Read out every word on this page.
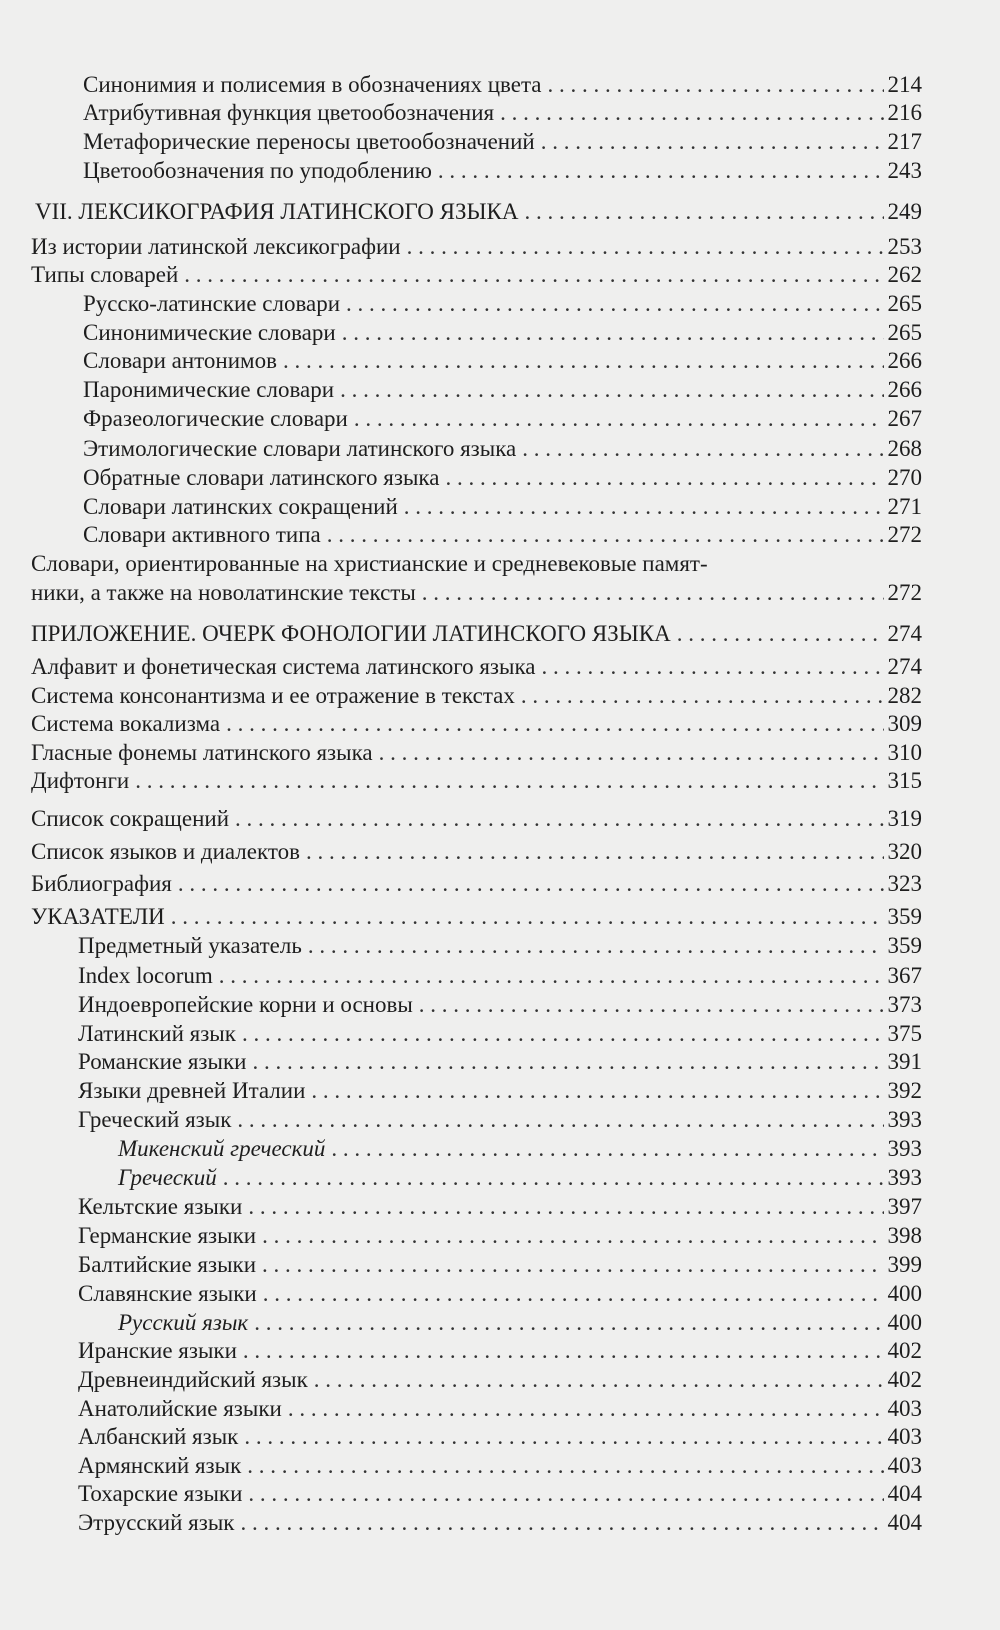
Синонимия и полисемия в обозначениях цвета . . .	214
Атрибутивная функция цветообозначения . . .	216
Метафорические переносы цветообозначений . . .	217
Цветообозначения по уподоблению . . .	243
VII. ЛЕКСИКОГРАФИЯ ЛАТИНСКОГО ЯЗЫКА . . .	249
Из истории латинской лексикографии . . .	253
Типы словарей . . .	262
Русско-латинские словари . . .	265
Синонимические словари . . .	265
Словари антонимов . . .	266
Паронимические словари . . .	266
Фразеологические словари . . .	267
Этимологические словари латинского языка . . .	268
Обратные словари латинского языка . . .	270
Словари латинских сокращений . . .	271
Словари активного типа . . .	272
Словари, ориентированные на христианские и средневековые памят-
ники, а также на новолатинские тексты . . .	272
ПРИЛОЖЕНИЕ. ОЧЕРК ФОНОЛОГИИ ЛАТИНСКОГО ЯЗЫКА . . .	274
Алфавит и фонетическая система латинского языка . . .	274
Система консонантизма и ее отражение в текстах . . .	282
Система вокализма . . .	309
Гласные фонемы латинского языка . . .	310
Дифтонги . . .	315
Список сокращений . . .	319
Список языков и диалектов . . .	320
Библиография . . .	323
УКАЗАТЕЛИ . . .	359
Предметный указатель . . .	359
Index locorum . . .	367
Индоевропейские корни и основы . . .	373
Латинский язык . . .	375
Романские языки . . .	391
Языки древней Италии . . .	392
Греческий язык . . .	393
Микенский греческий . . .	393
Греческий . . .	393
Кельтские языки . . .	397
Германские языки . . .	398
Балтийские языки . . .	399
Славянские языки . . .	400
Русский язык . . .	400
Иранские языки . . .	402
Древнеиндийский язык . . .	402
Анатолийские языки . . .	403
Албанский язык . . .	403
Армянский язык . . .	403
Тохарские языки . . .	404
Этрусский язык . . .	404
